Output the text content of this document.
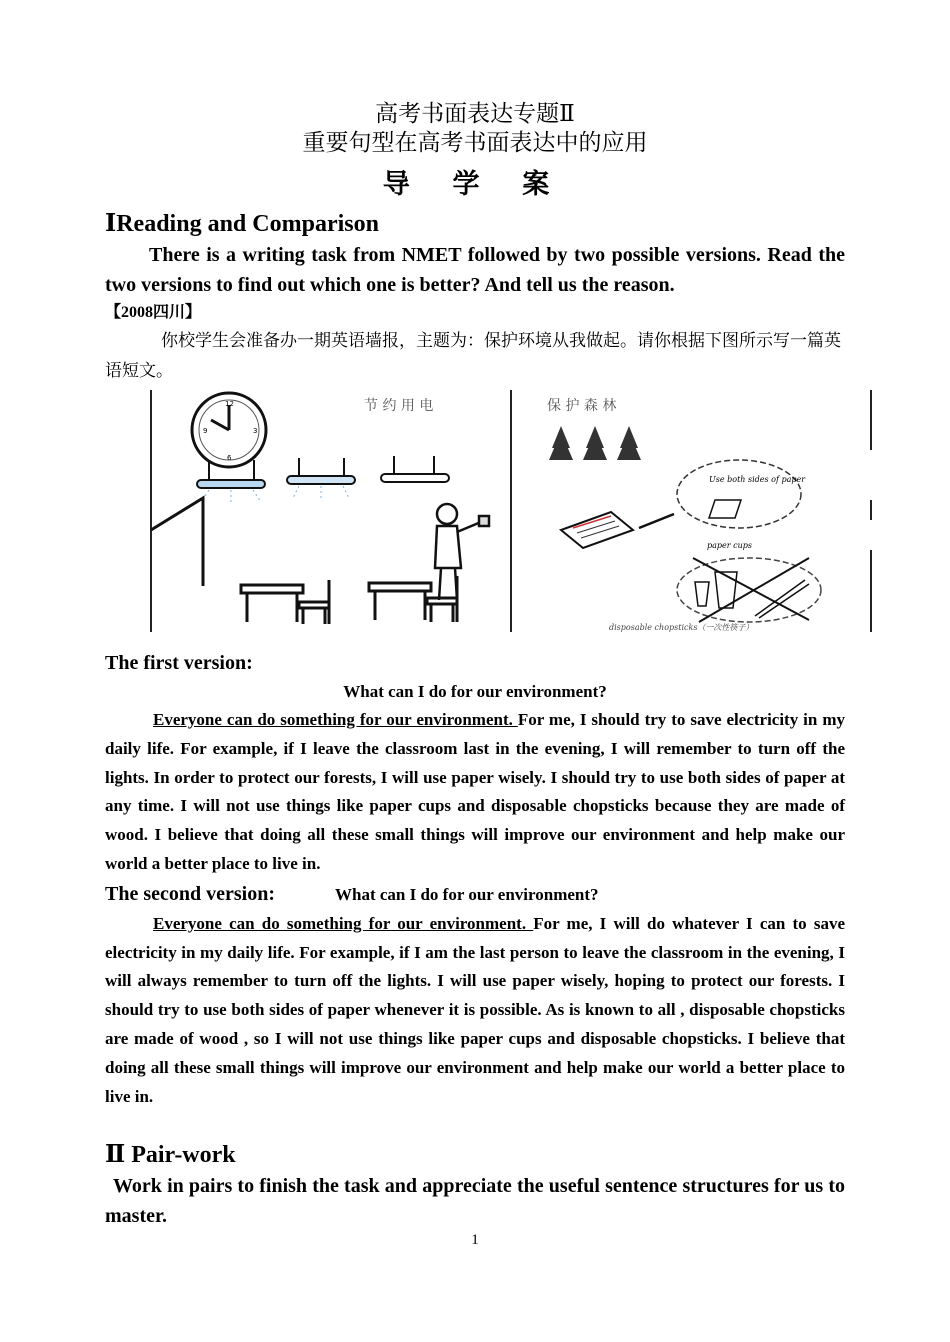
高考书面表达专题Ⅱ

重要句型在高考书面表达中的应用

导 学 案

ⅠReading and Comparison

There is a writing task from NMET followed by two possible versions. Read the two versions to find out which one is better? And tell us the reason.

【2008四川】

你校学生会准备办一期英语墙报，主题为：保护环境从我做起。请你根据下图所示写一篇英语短文。

12
3
6
9
节 约 用 电	保 护 森 林
Use both sides of paper
paper cups
disposable chopsticks（一次性筷子）

The first version:

What can I do for our environment?

Everyone can do something for our environment. For me, I should try to save electricity in my daily life. For example, if I leave the classroom last in the evening, I will remember to turn off the lights. In order to protect our forests, I will use paper wisely. I should try to use both sides of paper at any time. I will not use things like paper cups and disposable chopsticks because they are made of wood. I believe that doing all these small things will improve our environment and help make our world a better place to live in.

The second version:	What can I do for our environment?

Everyone can do something for our environment. For me, I will do whatever I can to save electricity in my daily life. For example, if I am the last person to leave the classroom in the evening, I will always remember to turn off the lights. I will use paper wisely, hoping to protect our forests. I should try to use both sides of paper whenever it is possible. As is known to all , disposable chopsticks are made of wood , so I will not use things like paper cups and disposable chopsticks. I believe that doing all these small things will improve our environment and help make our world a better place to live in.

Ⅱ Pair-work

Work in pairs to finish the task and appreciate the useful sentence structures for us to master.

1
